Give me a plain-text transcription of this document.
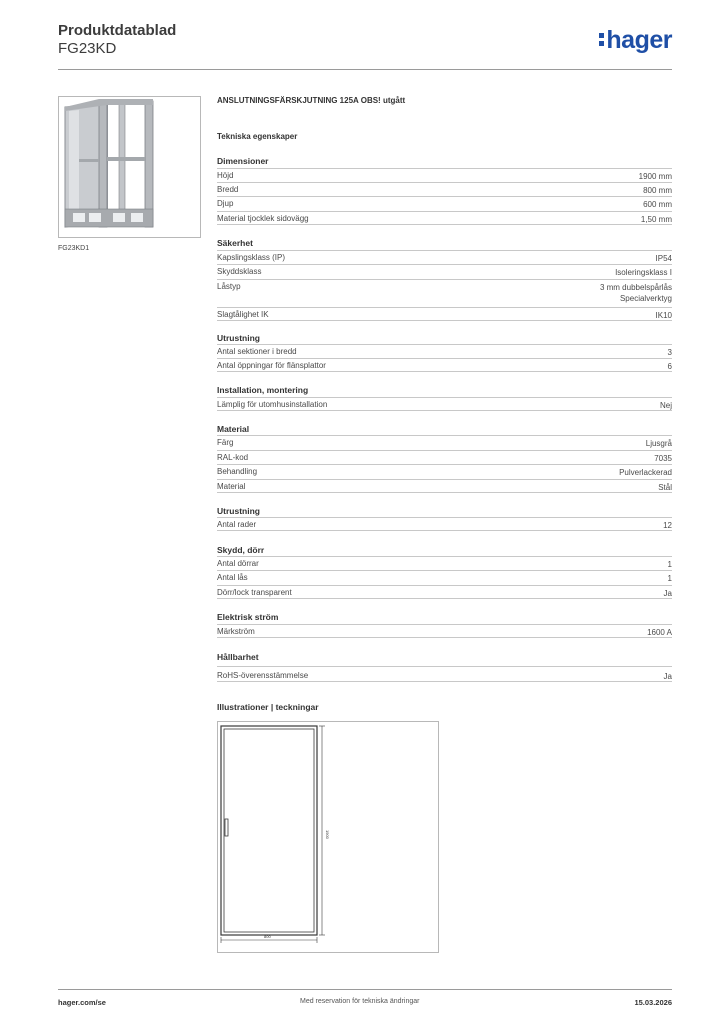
Produktdatablad
FG23KD	hager
FG23KD1
ANSLUTNINGSFÄRSKJUTNING 125A OBS! utgått
Tekniska egenskaper
Dimensioner
Höjd	1900 mm
Bredd	800 mm
Djup	600 mm
Material tjocklek sidovägg	1,50 mm
Säkerhet
Kapslingsklass (IP)	IP54
Skyddsklass	Isoleringsklass I
Låstyp	3 mm dubbelspårlås
Specialverktyg
Slagtålighet IK	IK10
Utrustning
Antal sektioner i bredd	3
Antal öppningar för flänsplattor	6
Installation, montering
Lämplig för utomhusinstallation	Nej
Material
Färg	Ljusgrå
RAL-kod	7035
Behandling	Pulverlackerad
Material	Stål
Utrustning
Antal rader	12
Skydd, dörr
Antal dörrar	1
Antal lås	1
Dörr/lock transparent	Ja
Elektrisk ström
Märkström	1600 A
Hållbarhet
RoHS-överensstämmelse	Ja
Illustrationer | teckningar
1900
800
hager.com/se	Med reservation för tekniska ändringar	15.03.2026
